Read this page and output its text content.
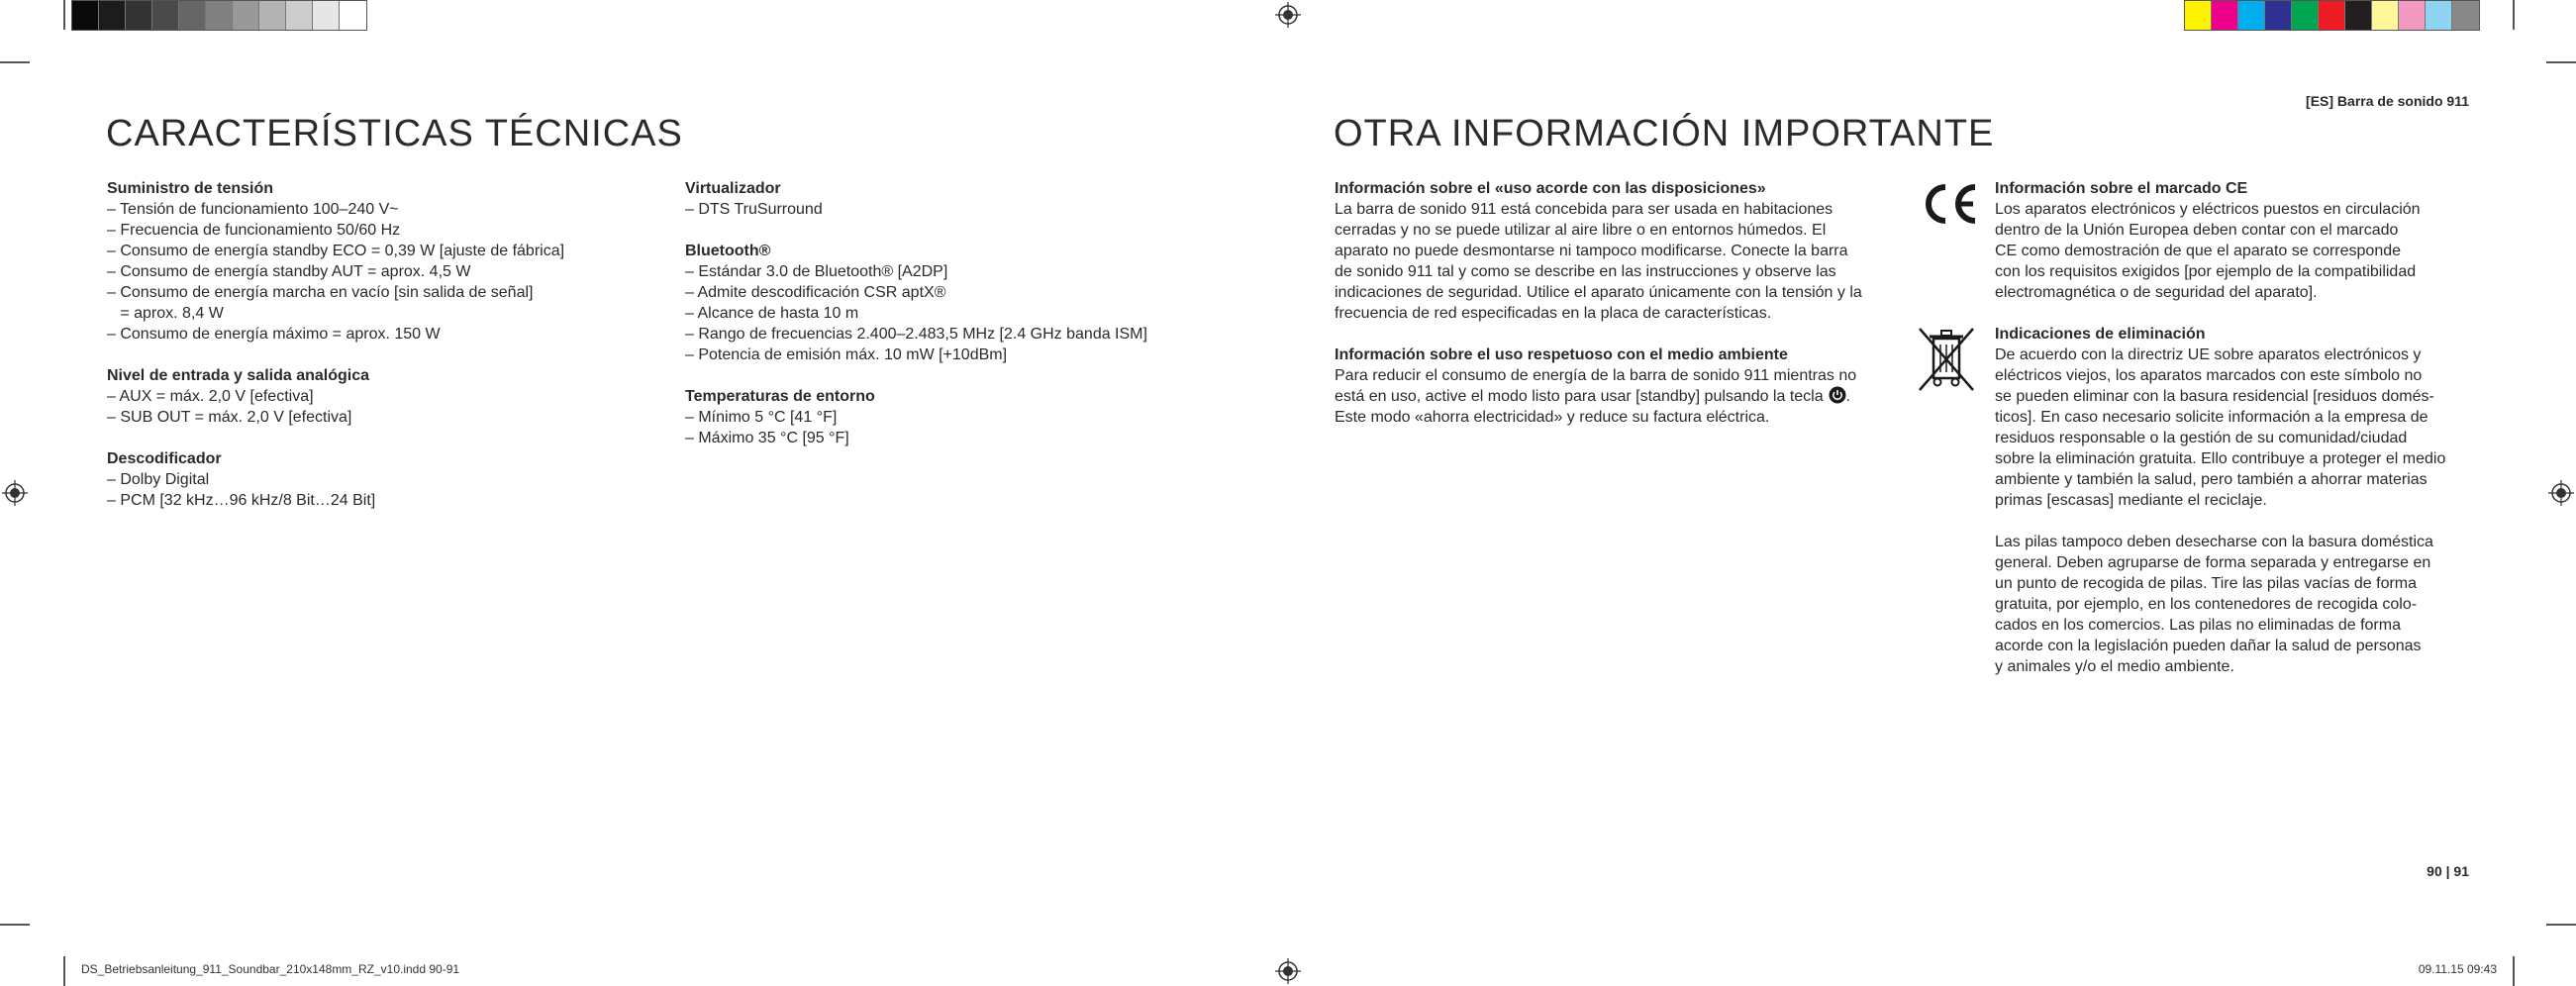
[ES] Barra de sonido 911
CARACTERÍSTICAS TÉCNICAS
Suministro de tensión
– Tensión de funcionamiento 100–240 V~
– Frecuencia de funcionamiento 50/60 Hz
– Consumo de energía standby ECO = 0,39 W [ajuste de fábrica]
– Consumo de energía standby AUT = aprox. 4,5 W
– Consumo de energía marcha en vacío [sin salida de señal]
= aprox. 8,4 W
– Consumo de energía máximo = aprox. 150 W
Nivel de entrada y salida analógica
– AUX = máx. 2,0 V [efectiva]
– SUB OUT = máx. 2,0 V [efectiva]
Descodificador
– Dolby Digital
– PCM [32 kHz…96 kHz/8 Bit…24 Bit]
Virtualizador
– DTS TruSurround
Bluetooth®
– Estándar 3.0 de Bluetooth® [A2DP]
– Admite descodificación CSR aptX®
– Alcance de hasta 10 m
– Rango de frecuencias 2.400–2.483,5 MHz [2.4 GHz banda ISM]
– Potencia de emisión máx. 10 mW [+10dBm]
Temperaturas de entorno
– Mínimo 5 °C [41 °F]
– Máximo 35 °C [95 °F]
OTRA INFORMACIÓN IMPORTANTE
Información sobre el «uso acorde con las disposiciones»
La barra de sonido 911 está concebida para ser usada en habitaciones
cerradas y no se puede utilizar al aire libre o en entornos húmedos. El
aparato no puede desmontarse ni tampoco modificarse. Conecte la barra
de sonido 911 tal y como se describe en las instrucciones y observe las
indicaciones de seguridad. Utilice el aparato únicamente con la tensión y la
frecuencia de red especificadas en la placa de características.
Información sobre el uso respetuoso con el medio ambiente
Para reducir el consumo de energía de la barra de sonido 911 mientras no
está en uso, active el modo listo para usar [standby] pulsando la tecla .
Este modo «ahorra electricidad» y reduce su factura eléctrica.
Información sobre el marcado CE
Los aparatos electrónicos y eléctricos puestos en circulación
dentro de la Unión Europea deben contar con el marcado
CE como demostración de que el aparato se corresponde
con los requisitos exigidos [por ejemplo de la compatibilidad
electromagnética o de seguridad del aparato].
Indicaciones de eliminación
De acuerdo con la directriz UE sobre aparatos electrónicos y
eléctricos viejos, los aparatos marcados con este símbolo no
se pueden eliminar con la basura residencial [residuos domés-
ticos]. En caso necesario solicite información a la empresa de
residuos responsable o la gestión de su comunidad/ciudad
sobre la eliminación gratuita. Ello contribuye a proteger el medio
ambiente y también la salud, pero también a ahorrar materias
primas [escasas] mediante el reciclaje.
Las pilas tampoco deben desecharse con la basura doméstica
general. Deben agruparse de forma separada y entregarse en
un punto de recogida de pilas. Tire las pilas vacías de forma
gratuita, por ejemplo, en los contenedores de recogida colo-
cados en los comercios. Las pilas no eliminadas de forma
acorde con la legislación pueden dañar la salud de personas
y animales y/o el medio ambiente.
90 | 91
DS_Betriebsanleitung_911_Soundbar_210x148mm_RZ_v10.indd 90-91	09.11.15 09:43
